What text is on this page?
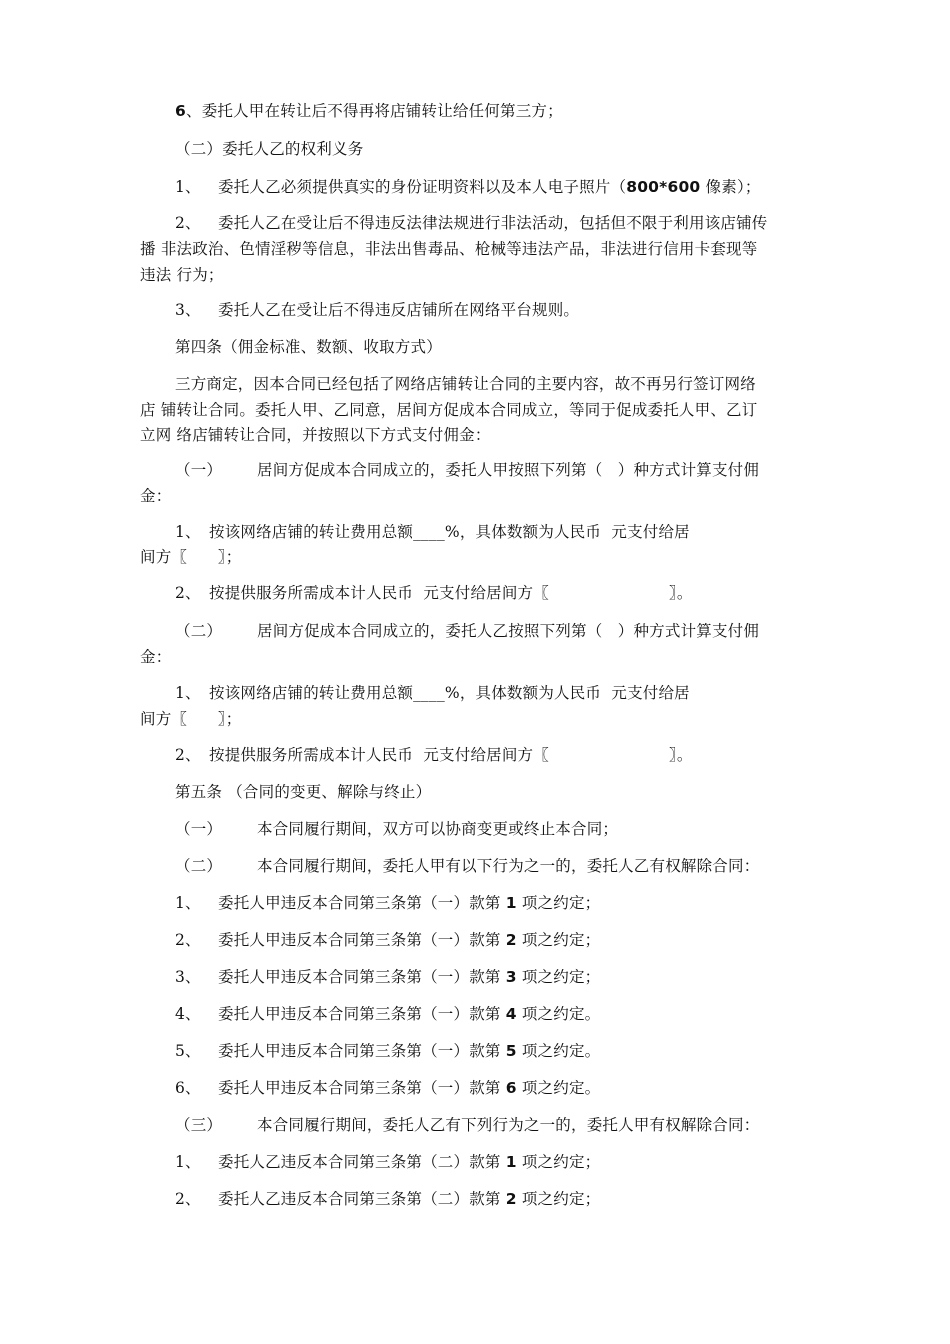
6、委托人甲在转让后不得再将店铺转让给任何第三方；
（二）委托人乙的权利义务
1、 委托人乙必须提供真实的身份证明资料以及本人电子照片（800*600 像素）；
2、 委托人乙在受让后不得违反法律法规进行非法活动，包括但不限于利用该店铺传
播 非法政治、色情淫秽等信息，非法出售毒品、枪械等违法产品，非法进行信用卡套现等
违法 行为；
3、 委托人乙在受让后不得违反店铺所在网络平台规则。
第四条（佣金标准、数额、收取方式）
三方商定，因本合同已经包括了网络店铺转让合同的主要内容，故不再另行签订网络
店 铺转让合同。委托人甲、乙同意，居间方促成本合同成立，等同于促成委托人甲、乙订
立网 络店铺转让合同，并按照以下方式支付佣金：
（一） 居间方促成本合同成立的，委托人甲按照下列第（   ）种方式计算支付佣
金：
1、 按该网络店铺的转让费用总额____%，具体数额为人民币  元支付给居
间方〖      〗；
2、 按提供服务所需成本计人民币  元支付给居间方〖	〗。
（二） 居间方促成本合同成立的，委托人乙按照下列第（   ）种方式计算支付佣
金：
1、 按该网络店铺的转让费用总额____%，具体数额为人民币  元支付给居
间方〖      〗；
2、 按提供服务所需成本计人民币  元支付给居间方〖	〗。
第五条 （合同的变更、解除与终止）
（一） 本合同履行期间，双方可以协商变更或终止本合同；
（二） 本合同履行期间，委托人甲有以下行为之一的，委托人乙有权解除合同：
1、 委托人甲违反本合同第三条第（一）款第 1 项之约定；
2、 委托人甲违反本合同第三条第（一）款第 2 项之约定；
3、 委托人甲违反本合同第三条第（一）款第 3 项之约定；
4、 委托人甲违反本合同第三条第（一）款第 4 项之约定。
5、 委托人甲违反本合同第三条第（一）款第 5 项之约定。
6、 委托人甲违反本合同第三条第（一）款第 6 项之约定。
（三） 本合同履行期间，委托人乙有下列行为之一的，委托人甲有权解除合同：
1、 委托人乙违反本合同第三条第（二）款第 1 项之约定；
2、 委托人乙违反本合同第三条第（二）款第 2 项之约定；
